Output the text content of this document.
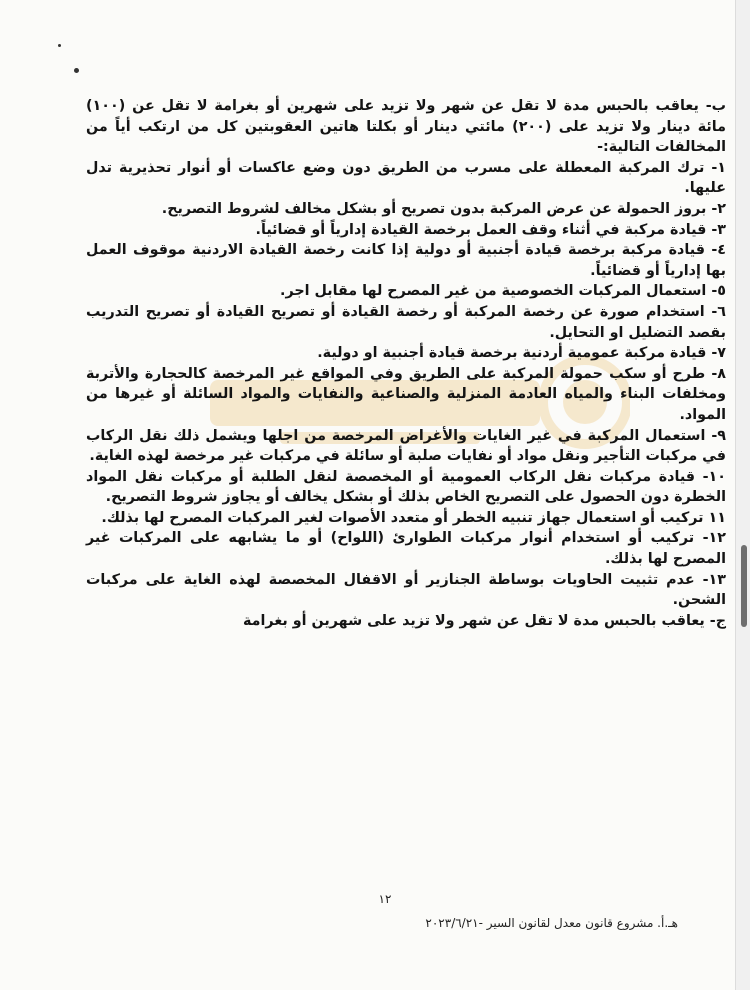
ب- يعاقب بالحبس مدة لا تقل عن شهر ولا تزيد على شهرين أو بغرامة لا تقل عن (١٠٠) مائة دينار ولا تزيد على (٢٠٠) مائتي دينار أو بكلتا هاتين العقوبتين كل من ارتكب أياً من المخالفات التالية:-

١- ترك المركبة المعطلة على مسرب من الطريق دون وضع عاكسات أو أنوار تحذيرية تدل عليها.
٢- بروز الحمولة عن عرض المركبة بدون تصريح أو بشكل مخالف لشروط التصريح.
٣- قيادة مركبة في أثناء وقف العمل برخصة القيادة إدارياً أو قضائياً.
٤- قيادة مركبة برخصة قيادة أجنبية أو دولية إذا كانت رخصة القيادة الاردنية موقوف العمل بها إدارياً أو قضائياً.
٥- استعمال المركبات الخصوصية من غير المصرح لها مقابل اجر.
٦- استخدام صورة عن رخصة المركبة أو رخصة القيادة أو تصريح القيادة أو تصريح التدريب بقصد التضليل او التحايل.
٧- قيادة مركبة عمومية أردنية برخصة قيادة أجنبية او دولية.
٨- طرح أو سكب حمولة المركبة على الطريق وفي المواقع غير المرخصة كالحجارة والأتربة ومخلفات البناء والمياه العادمة المنزلية والصناعية والنفايات والمواد السائلة أو غيرها من المواد.
٩- استعمال المركبة في غير الغايات والأغراض المرخصة من اجلها ويشمل ذلك نقل الركاب في مركبات التأجير ونقل مواد أو نفايات صلبة أو سائلة في مركبات غير مرخصة لهذه الغاية.
١٠- قيادة مركبات نقل الركاب العمومية أو المخصصة لنقل الطلبة أو مركبات نقل المواد الخطرة دون الحصول على التصريح الخاص بذلك أو بشكل يخالف أو يجاوز شروط التصريح.
١١ تركيب أو استعمال جهاز تنبيه الخطر أو متعدد الأصوات لغير المركبات المصرح لها بذلك.
١٢- تركيب أو استخدام أنوار مركبات الطوارئ (اللواح) أو ما يشابهه على المركبات غير المصرح لها بذلك.
١٣- عدم تثبيت الحاويات بوساطة الجنازير أو الاقفال المخصصة لهذه الغاية على مركبات الشحن.

ج- يعاقب بالحبس مدة لا تقل عن شهر ولا تزيد على شهرين أو بغرامة

١٢
هـ.أ. مشروع قانون معدل لقانون السير -٢٠٢٣/٦/٢١
